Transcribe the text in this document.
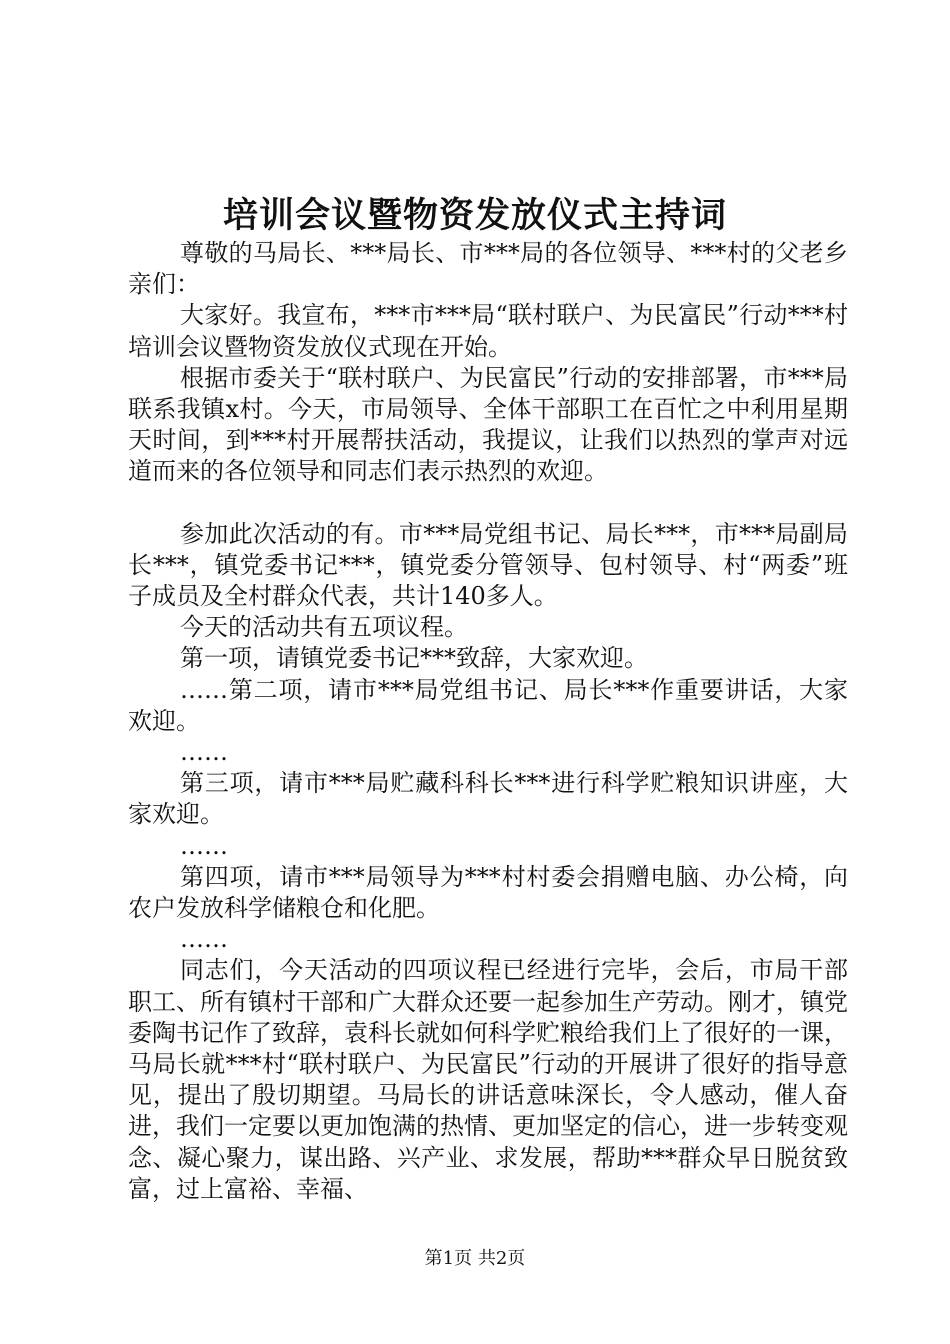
培训会议暨物资发放仪式主持词

尊敬的马局长、***局长、市***局的各位领导、***村的父老乡亲们：

大家好。我宣布，***市***局“联村联户、为民富民”行动***村培训会议暨物资发放仪式现在开始。

根据市委关于“联村联户、为民富民”行动的安排部署，市***局联系我镇x村。今天，市局领导、全体干部职工在百忙之中利用星期天时间，到***村开展帮扶活动，我提议，让我们以热烈的掌声对远道而来的各位领导和同志们表示热烈的欢迎。

参加此次活动的有。市***局党组书记、局长***，市***局副局长***，镇党委书记***，镇党委分管领导、包村领导、村“两委”班子成员及全村群众代表，共计140多人。

今天的活动共有五项议程。

第一项，请镇党委书记***致辞，大家欢迎。

……第二项，请市***局党组书记、局长***作重要讲话，大家欢迎。

……

第三项，请市***局贮藏科科长***进行科学贮粮知识讲座，大家欢迎。

……

第四项，请市***局领导为***村村委会捐赠电脑、办公椅，向农户发放科学储粮仓和化肥。

……

同志们，今天活动的四项议程已经进行完毕，会后，市局干部职工、所有镇村干部和广大群众还要一起参加生产劳动。刚才，镇党委陶书记作了致辞，袁科长就如何科学贮粮给我们上了很好的一课，马局长就***村“联村联户、为民富民”行动的开展讲了很好的指导意见，提出了殷切期望。马局长的讲话意味深长，令人感动，催人奋进，我们一定要以更加饱满的热情、更加坚定的信心，进一步转变观念、凝心聚力，谋出路、兴产业、求发展，帮助***群众早日脱贫致富，过上富裕、幸福、

第1页 共2页
